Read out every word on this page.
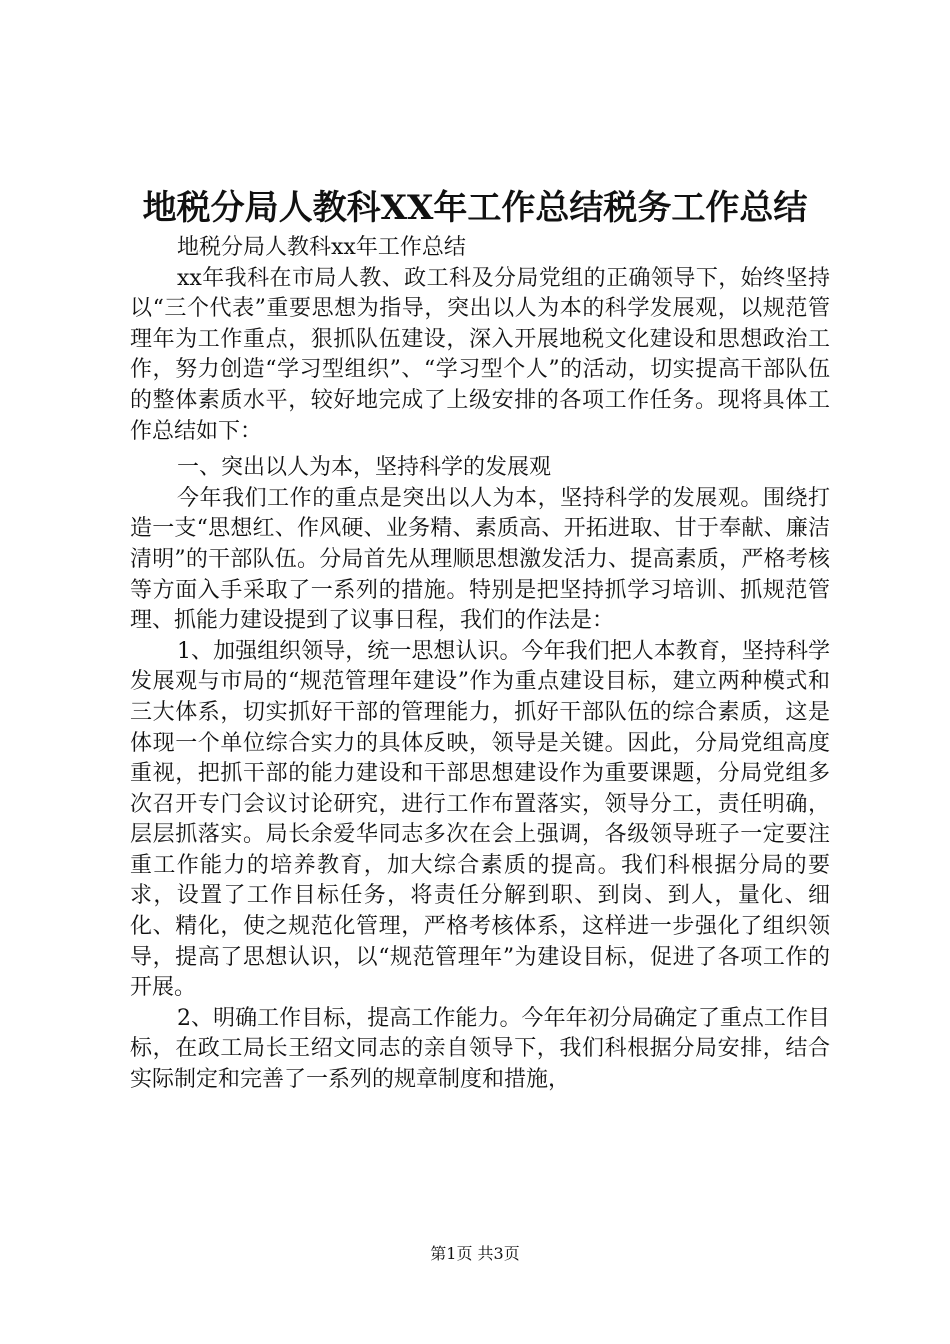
地税分局人教科XX年工作总结税务工作总结

地税分局人教科xx年工作总结

xx年我科在市局人教、政工科及分局党组的正确领导下，始终坚持以“三个代表”重要思想为指导，突出以人为本的科学发展观，以规范管理年为工作重点，狠抓队伍建设，深入开展地税文化建设和思想政治工作，努力创造“学习型组织”、“学习型个人”的活动，切实提高干部队伍的整体素质水平，较好地完成了上级安排的各项工作任务。现将具体工作总结如下：

一、突出以人为本，坚持科学的发展观

今年我们工作的重点是突出以人为本，坚持科学的发展观。围绕打造一支“思想红、作风硬、业务精、素质高、开拓进取、甘于奉献、廉洁清明”的干部队伍。分局首先从理顺思想激发活力、提高素质，严格考核等方面入手采取了一系列的措施。特别是把坚持抓学习培训、抓规范管理、抓能力建设提到了议事日程，我们的作法是：

1、加强组织领导，统一思想认识。今年我们把人本教育，坚持科学发展观与市局的“规范管理年建设”作为重点建设目标，建立两种模式和三大体系，切实抓好干部的管理能力，抓好干部队伍的综合素质，这是体现一个单位综合实力的具体反映，领导是关键。因此，分局党组高度重视，把抓干部的能力建设和干部思想建设作为重要课题，分局党组多次召开专门会议讨论研究，进行工作布置落实，领导分工，责任明确，层层抓落实。局长余爱华同志多次在会上强调，各级领导班子一定要注重工作能力的培养教育，加大综合素质的提高。我们科根据分局的要求，设置了工作目标任务，将责任分解到职、到岗、到人，量化、细化、精化，使之规范化管理，严格考核体系，这样进一步强化了组织领导，提高了思想认识，以“规范管理年”为建设目标，促进了各项工作的开展。

2、明确工作目标，提高工作能力。今年年初分局确定了重点工作目标，在政工局长王绍文同志的亲自领导下，我们科根据分局安排，结合实际制定和完善了一系列的规章制度和措施，

第1页 共3页
